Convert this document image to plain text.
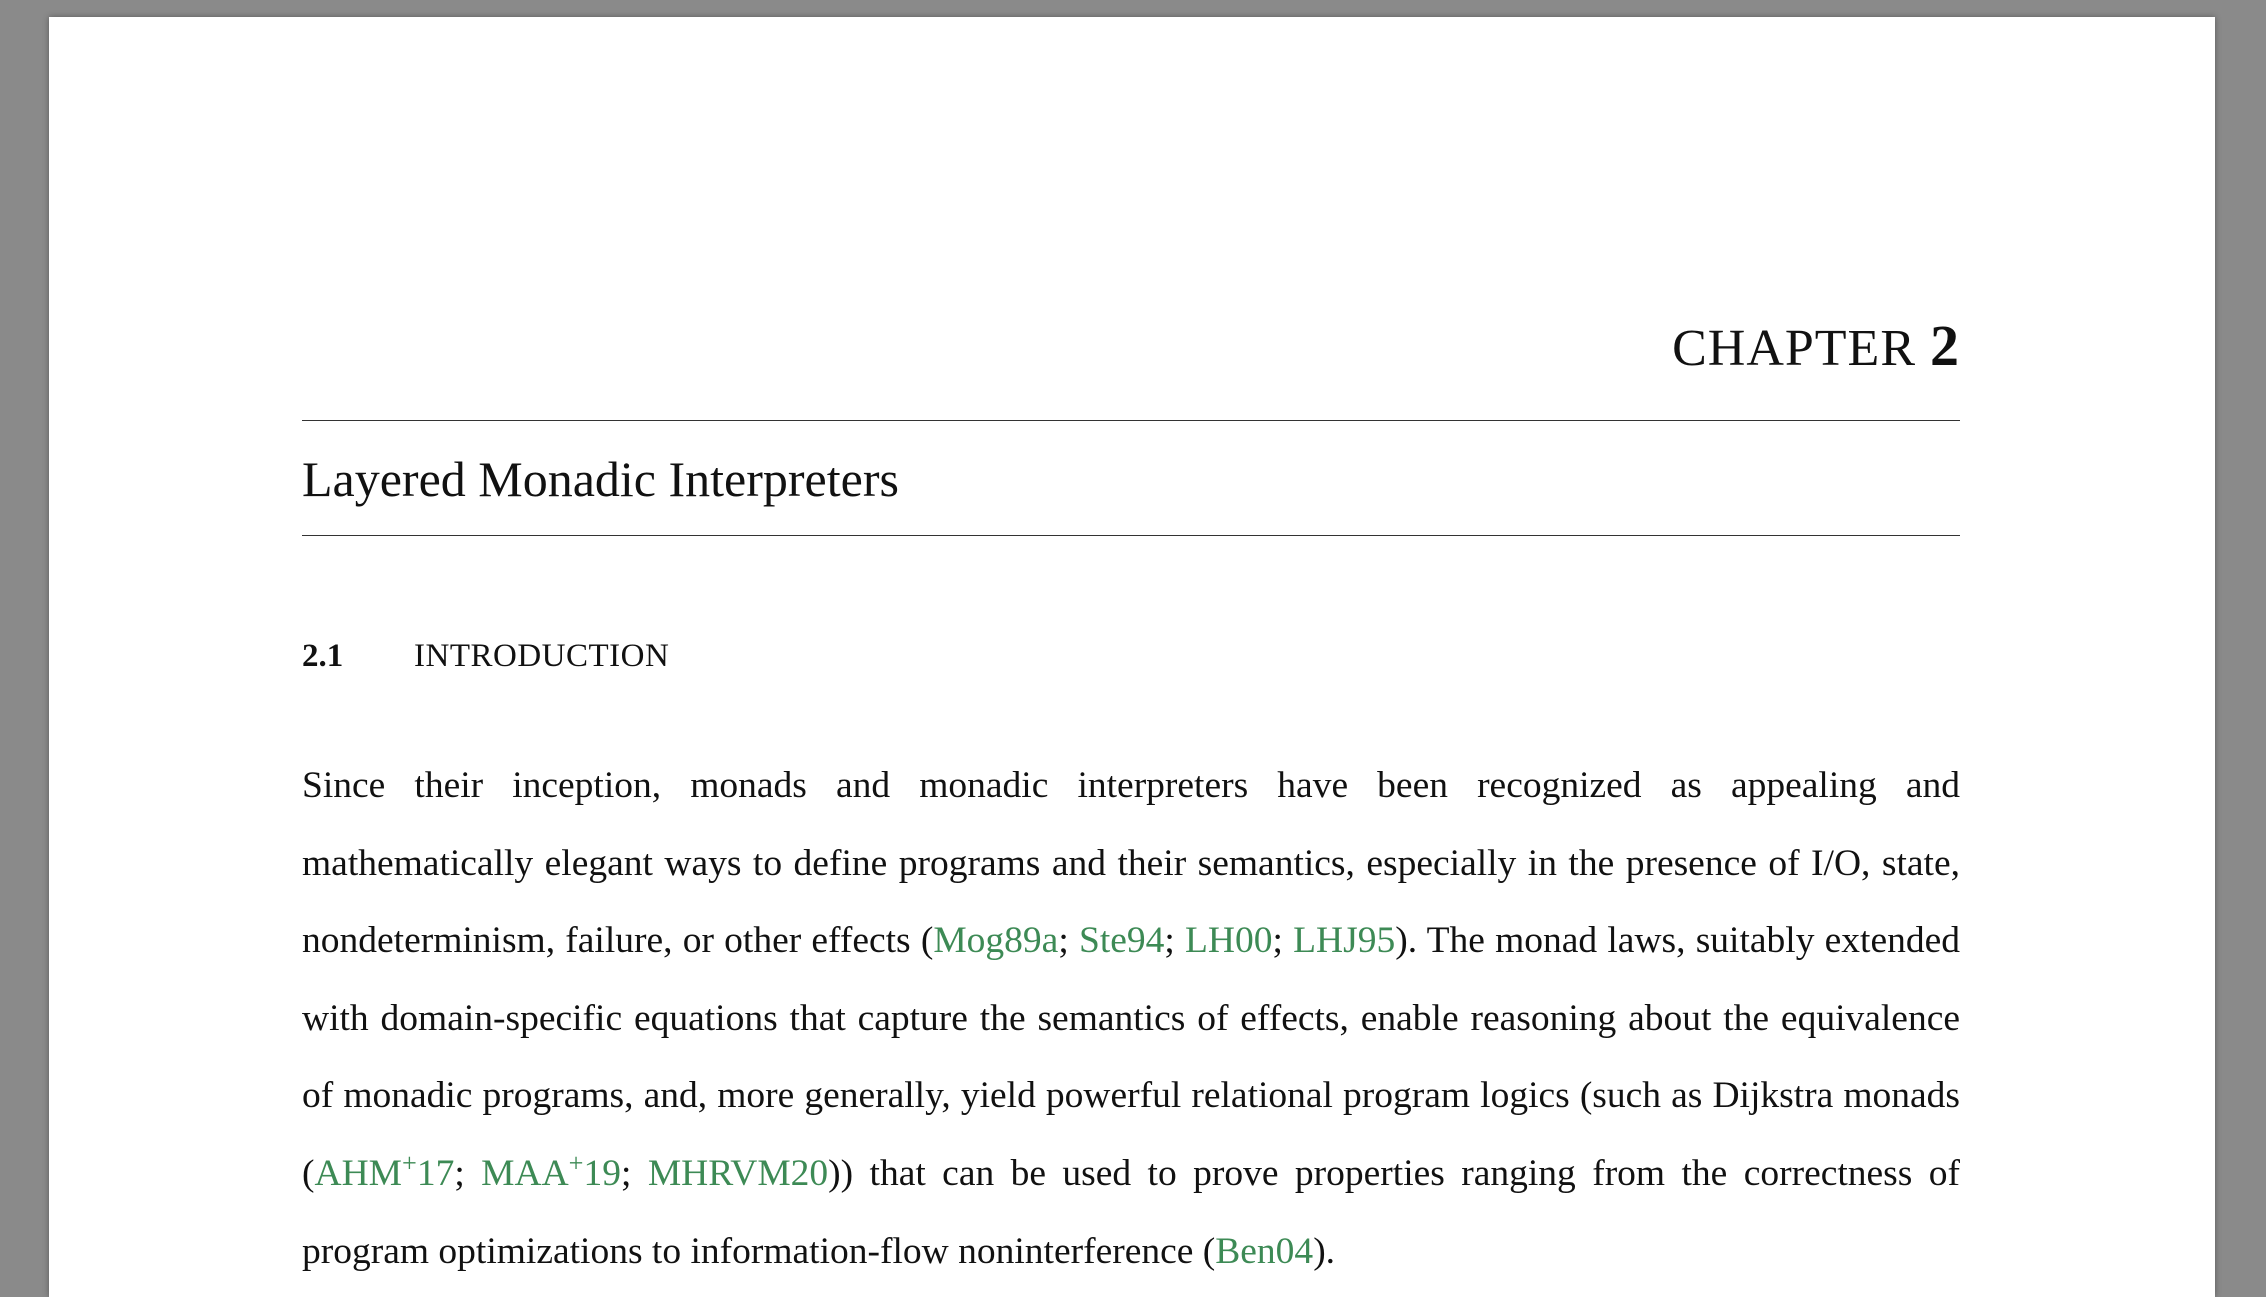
CHAPTER 2
Layered Monadic Interpreters
2.1 INTRODUCTION

Since their inception, monads and monadic interpreters have been recognized as appealing and mathematically elegant ways to define programs and their semantics, especially in the presence of I/O, state, nondeterminism, failure, or other effects (Mog89a; Ste94; LH00; LHJ95). The monad laws, suitably extended with domain-specific equations that capture the semantics of effects, enable reasoning about the equivalence of monadic programs, and, more generally, yield powerful relational program logics (such as Dijkstra monads (AHM+17; MAA+19; MHRVM20)) that can be used to prove properties ranging from the correctness of program optimizations to information-flow noninterference (Ben04).
